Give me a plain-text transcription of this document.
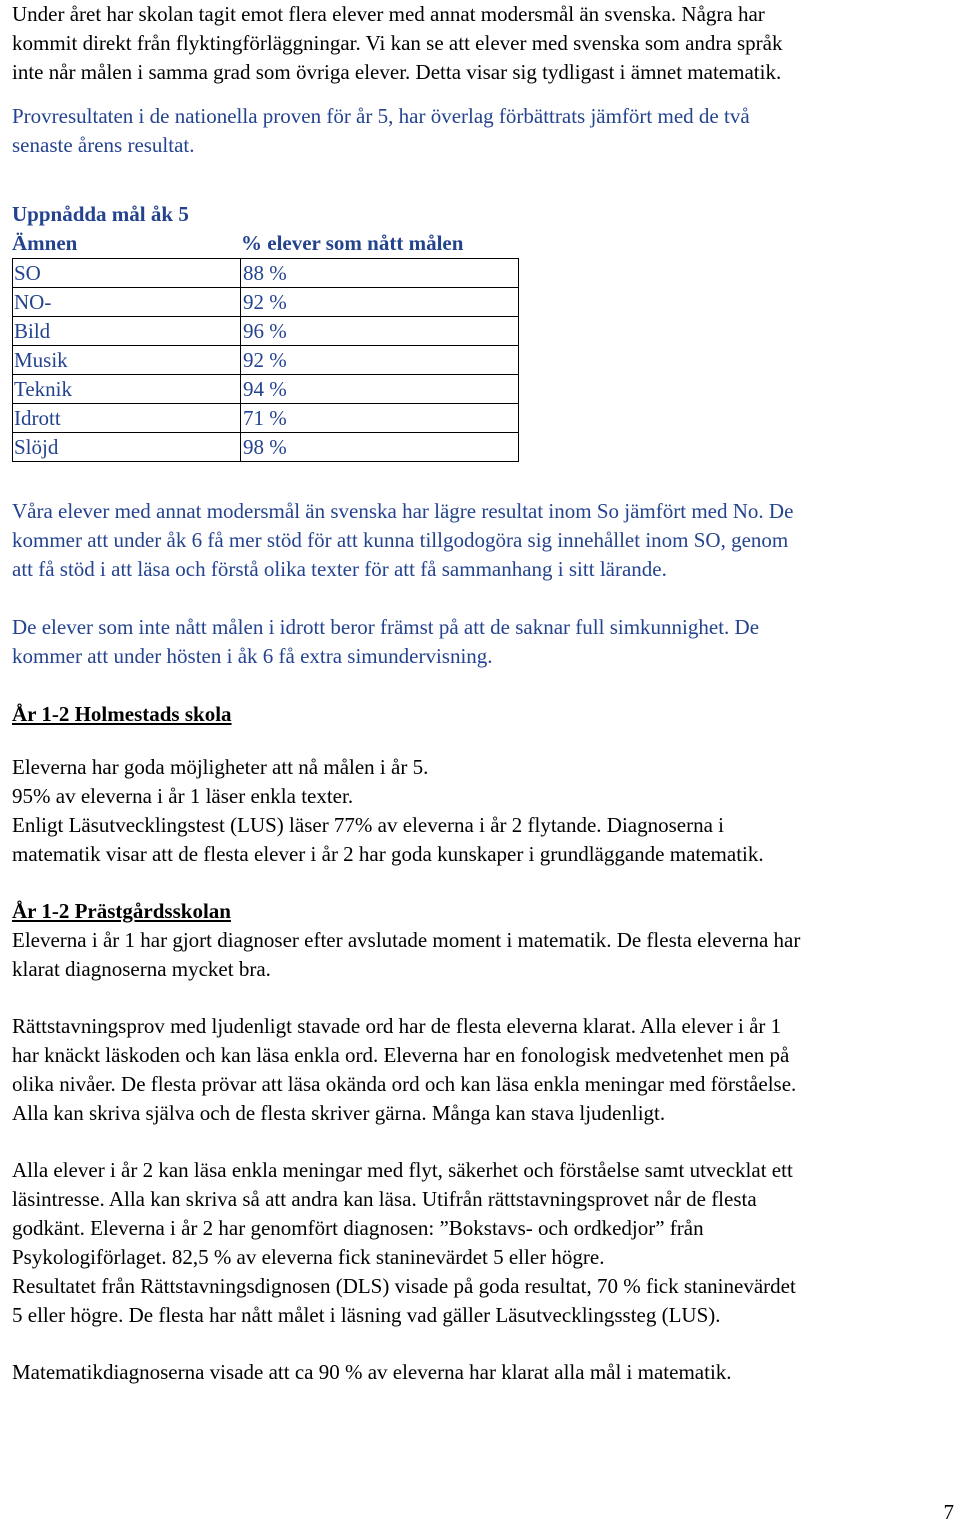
Under året har skolan tagit emot flera elever med annat modersmål än svenska. Några har

kommit direkt från flyktingförläggningar. Vi kan se att elever med svenska som andra språk

inte når målen i samma grad som övriga elever. Detta visar sig tydligast i ämnet matematik.

Provresultaten i de nationella proven för år 5, har överlag förbättrats jämfört med de två

senaste årens resultat.

Uppnådda mål åk 5
Ämnen	% elever som nått målen
SO	88 %
NO-	92 %
Bild	96 %
Musik	92 %
Teknik	94 %
Idrott	71 %
Slöjd	98 %

Våra elever med annat modersmål än svenska har lägre resultat inom So jämfört med No. De

kommer att under åk 6 få mer stöd för att kunna tillgodogöra sig innehållet inom SO, genom

att få stöd i att läsa och förstå olika texter för att få sammanhang i sitt lärande.

De elever som inte nått målen i idrott beror främst på att de saknar full simkunnighet. De

kommer att under hösten i åk 6 få extra simundervisning.

År 1-2 Holmestads skola

Eleverna har goda möjligheter att nå målen i år 5.

95% av eleverna i år 1 läser enkla texter.

Enligt Läsutvecklingstest (LUS) läser 77% av eleverna i år 2 flytande. Diagnoserna i

matematik visar att de flesta elever i år 2 har goda kunskaper i grundläggande matematik.

År 1-2 Prästgårdsskolan

Eleverna i år 1 har gjort diagnoser efter avslutade moment i matematik. De flesta eleverna har

klarat diagnoserna mycket bra.

Rättstavningsprov med ljudenligt stavade ord har de flesta eleverna klarat. Alla elever i år 1

har knäckt läskoden och kan läsa enkla ord. Eleverna har en fonologisk medvetenhet men på

olika nivåer. De flesta prövar att läsa okända ord och kan läsa enkla meningar med förståelse.

Alla kan skriva själva och de flesta skriver gärna. Många kan stava ljudenligt.

Alla elever i år 2 kan läsa enkla meningar med flyt, säkerhet och förståelse samt utvecklat ett

läsintresse. Alla kan skriva så att andra kan läsa. Utifrån rättstavningsprovet når de flesta

godkänt. Eleverna i år 2 har genomfört diagnosen: ”Bokstavs- och ordkedjor” från

Psykologiförlaget. 82,5 % av eleverna fick staninevärdet 5 eller högre.

Resultatet från Rättstavningsdignosen (DLS) visade på goda resultat, 70 % fick staninevärdet

5 eller högre. De flesta har nått målet i läsning vad gäller Läsutvecklingssteg (LUS).

Matematikdiagnoserna visade att ca 90 % av eleverna har klarat alla mål i matematik.

7
